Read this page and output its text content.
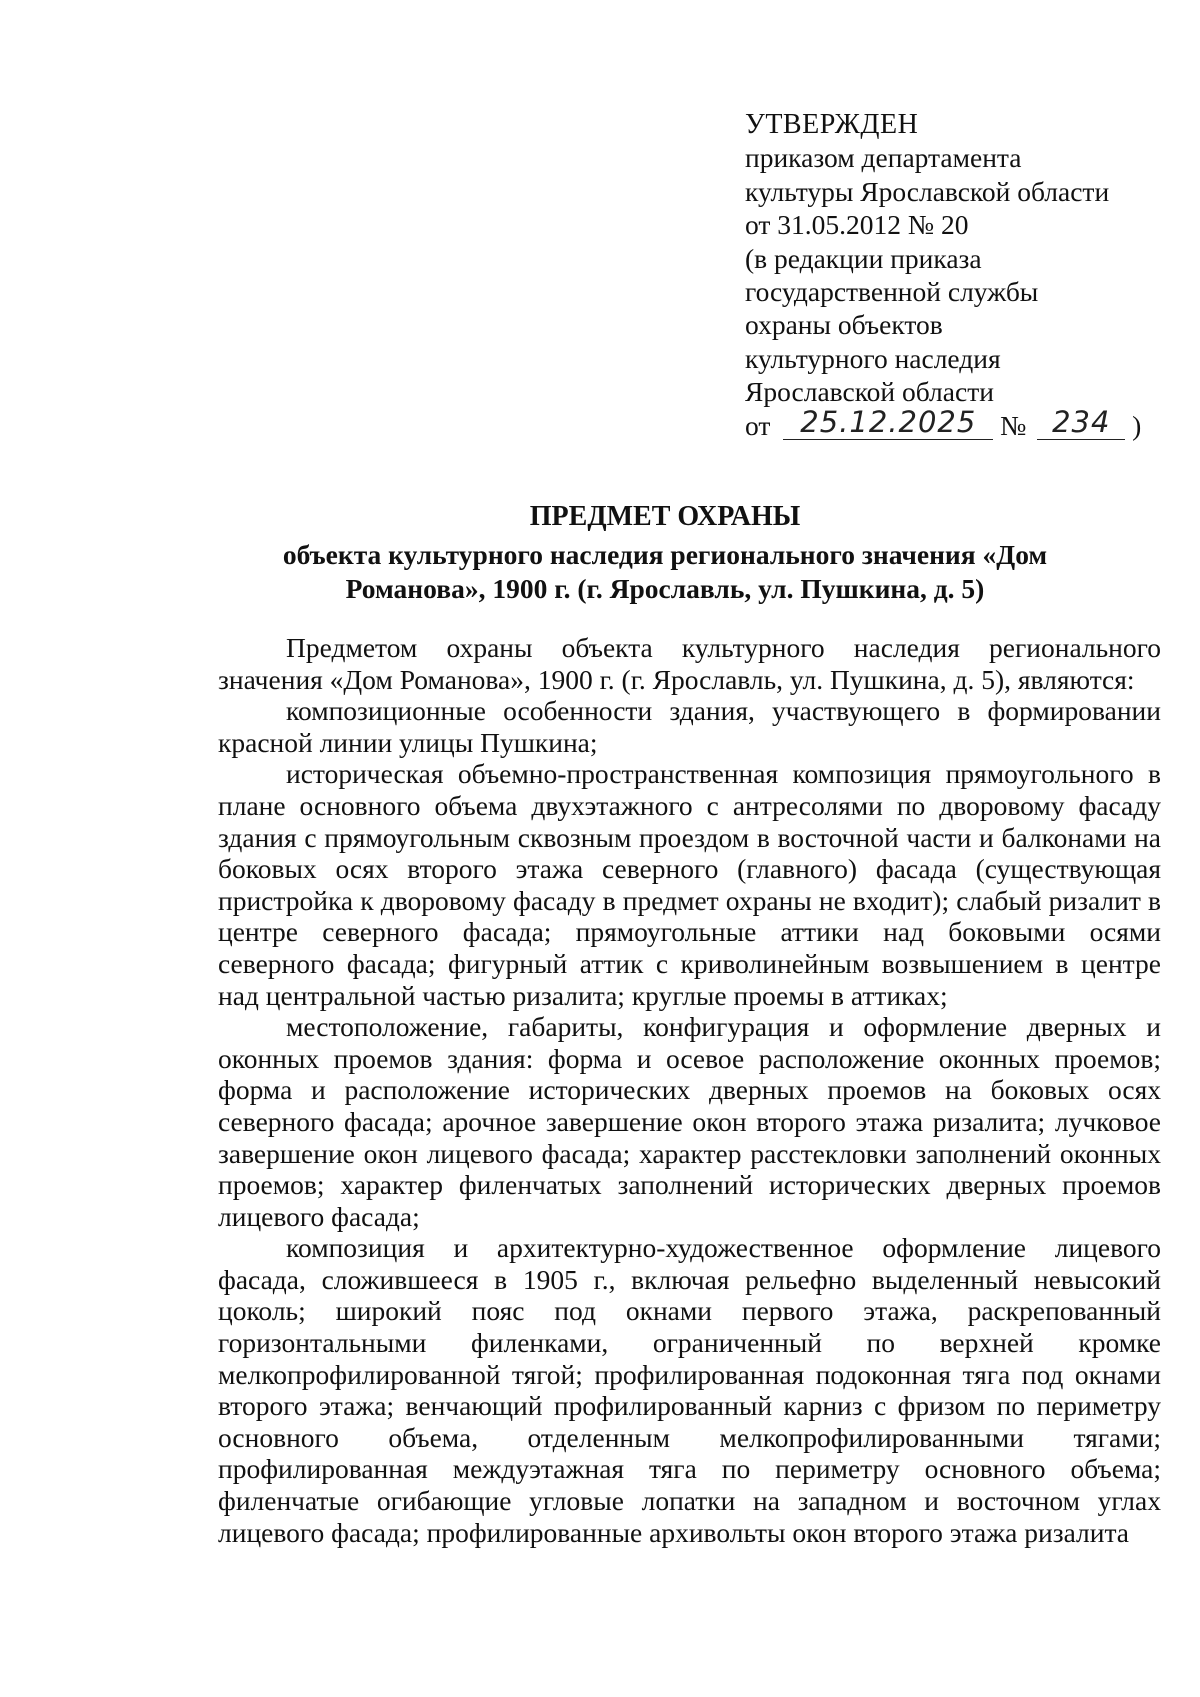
УТВЕРЖДЕН
приказом департамента
культуры Ярославской области
от 31.05.2012 № 20
(в редакции приказа
государственной службы
охраны объектов
культурного наследия
Ярославской области
от 25.12.2025 № 234 )
ПРЕДМЕТ ОХРАНЫ
объекта культурного наследия регионального значения «Дом
Романова», 1900 г. (г. Ярославль, ул. Пушкина, д. 5)

Предметом охраны объекта культурного наследия регионального значения «Дом Романова», 1900 г. (г. Ярославль, ул. Пушкина, д. 5), являются:

композиционные особенности здания, участвующего в формировании красной линии улицы Пушкина;

историческая объемно-пространственная композиция прямоугольного в плане основного объема двухэтажного с антресолями по дворовому фасаду здания с прямоугольным сквозным проездом в восточной части и балконами на боковых осях второго этажа северного (главного) фасада (существующая пристройка к дворовому фасаду в предмет охраны не входит); слабый ризалит в центре северного фасада; прямоугольные аттики над боковыми осями северного фасада; фигурный аттик с криволинейным возвышением в центре над центральной частью ризалита; круглые проемы в аттиках;

местоположение, габариты, конфигурация и оформление дверных и оконных проемов здания: форма и осевое расположение оконных проемов; форма и расположение исторических дверных проемов на боковых осях северного фасада; арочное завершение окон второго этажа ризалита; лучковое завершение окон лицевого фасада; характер расстекловки заполнений оконных проемов; характер филенчатых заполнений исторических дверных проемов лицевого фасада;

композиция и архитектурно-художественное оформление лицевого фасада, сложившееся в 1905 г., включая рельефно выделенный невысокий цоколь; широкий пояс под окнами первого этажа, раскрепованный горизонтальными филенками, ограниченный по верхней кромке мелкопрофилированной тягой; профилированная подоконная тяга под окнами второго этажа; венчающий профилированный карниз с фризом по периметру основного объема, отделенным мелкопрофилированными тягами; профилированная междуэтажная тяга по периметру основного объема; филенчатые огибающие угловые лопатки на западном и восточном углах лицевого фасада; профилированные архивольты окон второго этажа ризалита
